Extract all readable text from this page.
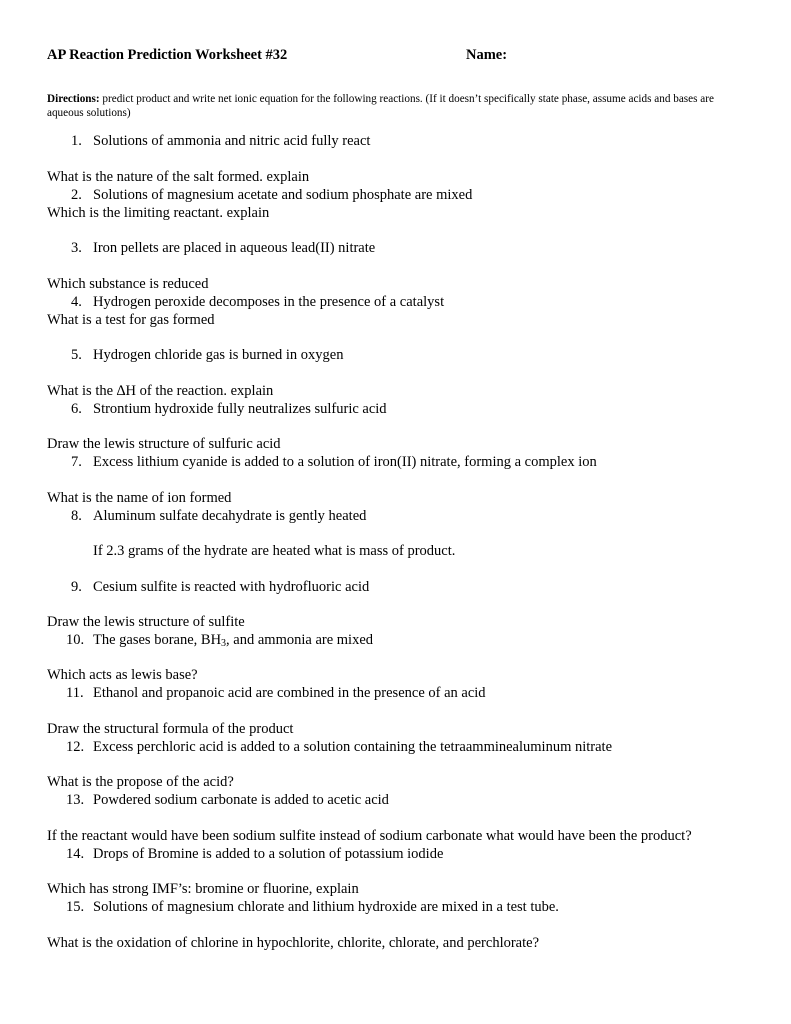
AP Reaction Prediction Worksheet #32	Name:
Directions: predict product and write net ionic equation for the following reactions. (If it doesn’t specifically state phase, assume acids and bases are aqueous solutions)
1. Solutions of ammonia and nitric acid fully react
What is the nature of the salt formed. explain
2. Solutions of magnesium acetate and sodium phosphate are mixed
Which is the limiting reactant. explain
3. Iron pellets are placed in aqueous lead(II) nitrate
Which substance is reduced
4. Hydrogen peroxide decomposes in the presence of a catalyst
What is a test for gas formed
5. Hydrogen chloride gas is burned in oxygen
What is the ∆H of the reaction. explain
6. Strontium hydroxide fully neutralizes sulfuric acid
Draw the lewis structure of sulfuric acid
7. Excess lithium cyanide is added to a solution of iron(II) nitrate, forming a complex ion
What is the name of ion formed
8. Aluminum sulfate decahydrate is gently heated
If 2.3 grams of the hydrate are heated what is mass of product.
9. Cesium sulfite is reacted with hydrofluoric acid
Draw the lewis structure of sulfite
10. The gases borane, $BH_3$, and ammonia are mixed
Which acts as lewis base?
11. Ethanol and propanoic acid are combined in the presence of an acid
Draw the structural formula of the product
12. Excess perchloric acid is added to a solution containing the tetraamminealuminum nitrate
What is the propose of the acid?
13. Powdered sodium carbonate is added to acetic acid
If the reactant would have been sodium sulfite instead of sodium carbonate what would have been the product?
14. Drops of Bromine is added to a solution of potassium iodide
Which has strong IMF’s: bromine or fluorine, explain
15. Solutions of magnesium chlorate and lithium hydroxide are mixed in a test tube.
What is the oxidation of chlorine in hypochlorite, chlorite, chlorate, and perchlorate?
